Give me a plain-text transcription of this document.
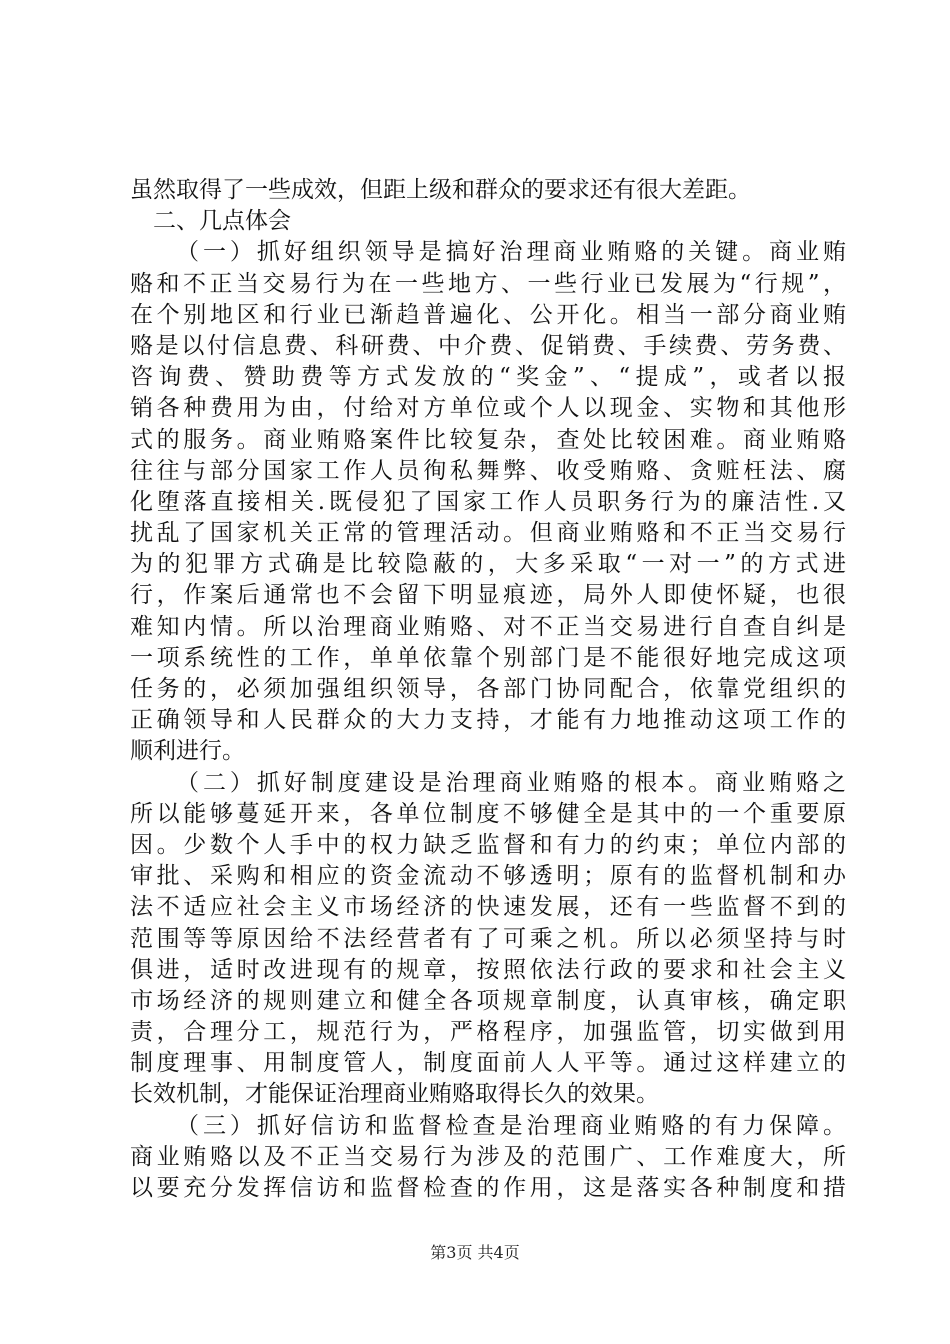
虽然取得了一些成效，但距上级和群众的要求还有很大差距。
二、几点体会
（一）抓好组织领导是搞好治理商业贿赂的关键。商业贿
赂和不正当交易行为在一些地方、一些行业已发展为“行规”，
在个别地区和行业已渐趋普遍化、公开化。相当一部分商业贿
赂是以付信息费、科研费、中介费、促销费、手续费、劳务费、
咨询费、赞助费等方式发放的“奖金”、“提成”，或者以报
销各种费用为由，付给对方单位或个人以现金、实物和其他形
式的服务。商业贿赂案件比较复杂，查处比较困难。商业贿赂
往往与部分国家工作人员徇私舞弊、收受贿赂、贪赃枉法、腐
化堕落直接相关.既侵犯了国家工作人员职务行为的廉洁性.又
扰乱了国家机关正常的管理活动。但商业贿赂和不正当交易行
为的犯罪方式确是比较隐蔽的，大多采取“一对一”的方式进
行，作案后通常也不会留下明显痕迹，局外人即使怀疑，也很
难知内情。所以治理商业贿赂、对不正当交易进行自查自纠是
一项系统性的工作，单单依靠个别部门是不能很好地完成这项
任务的，必须加强组织领导，各部门协同配合，依靠党组织的
正确领导和人民群众的大力支持，才能有力地推动这项工作的
顺利进行。
（二）抓好制度建设是治理商业贿赂的根本。商业贿赂之
所以能够蔓延开来，各单位制度不够健全是其中的一个重要原
因。少数个人手中的权力缺乏监督和有力的约束；单位内部的
审批、采购和相应的资金流动不够透明；原有的监督机制和办
法不适应社会主义市场经济的快速发展，还有一些监督不到的
范围等等原因给不法经营者有了可乘之机。所以必须坚持与时
俱进，适时改进现有的规章，按照依法行政的要求和社会主义
市场经济的规则建立和健全各项规章制度，认真审核，确定职
责，合理分工，规范行为，严格程序，加强监管，切实做到用
制度理事、用制度管人，制度面前人人平等。通过这样建立的
长效机制，才能保证治理商业贿赂取得长久的效果。
（三）抓好信访和监督检查是治理商业贿赂的有力保障。
商业贿赂以及不正当交易行为涉及的范围广、工作难度大，所
以要充分发挥信访和监督检查的作用，这是落实各种制度和措
第3页 共4页
